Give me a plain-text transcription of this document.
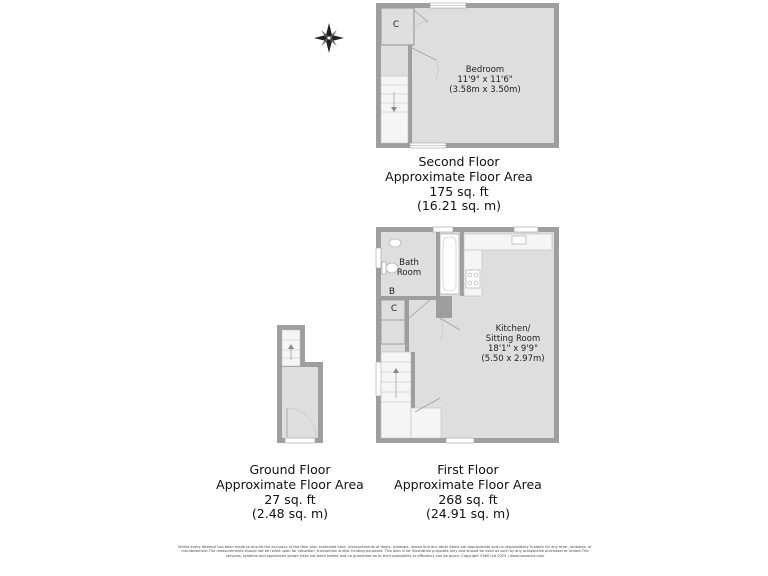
C
Bedroom
11'9" x 11'6"
(3.58m x 3.50m)
Bath
Room
B
C
Kitchen/
Sitting Room
18'1" x 9'9"
(5.50 x 2.97m)
Second Floor
Approximate Floor Area
175 sq. ft
(16.21 sq. m)
Ground Floor
Approximate Floor Area
27 sq. ft
(2.48 sq. m)
First Floor
Approximate Floor Area
268 sq. ft
(24.91 sq. m)
Whilst every attempt has been made to ensure the accuracy of the floor plan contained here, measurements of doors, windows, rooms and any other items are approximate and no responsibility is taken for any error, omission, or mis-statement.The measurements should not be relied upon for valuation, transaction and/or funding purposes. This plan is for illustrative purposes only and should be used as such by any prospective purchaser or tenant.The services, systems and appliances shown have not been tested and no guarantee as to their operability or efficiency can be given. Copyright V360 Ltd 2025 | www.houseviz.com
